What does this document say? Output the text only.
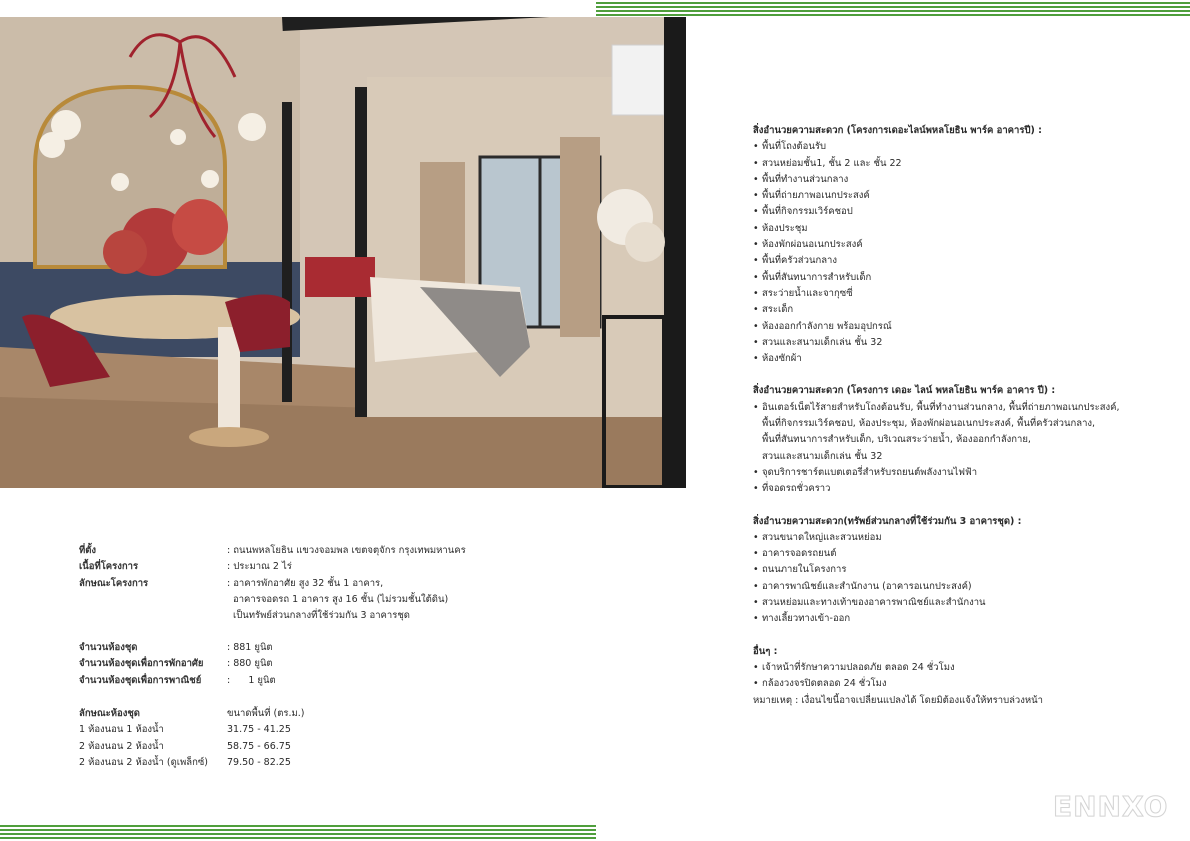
ที่ตั้ง
เนื้อที่โครงการ
ลักษณะโครงการ
: ถนนพหลโยธิน แขวงจอมพล เขตจตุจักร กรุงเทพมหานคร
: ประมาณ 2 ไร่
: อาคารพักอาศัย สูง 32 ชั้น 1 อาคาร,
อาคารจอดรถ 1 อาคาร สูง 16 ชั้น (ไม่รวมชั้นใต้ดิน)
เป็นทรัพย์ส่วนกลางที่ใช้ร่วมกัน 3 อาคารชุด
จำนวนห้องชุด
จำนวนห้องชุดเพื่อการพักอาศัย
จำนวนห้องชุดเพื่อการพาณิชย์
: 881 ยูนิต
: 880 ยูนิต
:      1 ยูนิต
ลักษณะห้องชุด
1 ห้องนอน 1 ห้องน้ำ
2 ห้องนอน 2 ห้องน้ำ
2 ห้องนอน 2 ห้องน้ำ (ดูเพล็กซ์)
ขนาดพื้นที่ (ตร.ม.)
31.75 - 41.25
58.75 - 66.75
79.50 - 82.25
สิ่งอำนวยความสะดวก (โครงการเดอะไลน์พหลโยธิน พาร์ค อาคารปี) :
• พื้นที่โถงต้อนรับ
• สวนหย่อมชั้น1, ชั้น 2 และ ชั้น 22
• พื้นที่ทำงานส่วนกลาง
• พื้นที่ถ่ายภาพอเนกประสงค์
• พื้นที่กิจกรรมเวิร์คชอป
• ห้องประชุม
• ห้องพักผ่อนอเนกประสงค์
• พื้นที่ครัวส่วนกลาง
• พื้นที่สันทนาการสำหรับเด็ก
• สระว่ายน้ำและจากุซซี่
• สระเด็ก
• ห้องออกกำลังกาย พร้อมอุปกรณ์
• สวนและสนามเด็กเล่น ชั้น 32
• ห้องซักผ้า
สิ่งอำนวยความสะดวก (โครงการ เดอะ ไลน์ พหลโยธิน พาร์ค อาคาร ปี) :
• อินเตอร์เน็ตไร้สายสำหรับโถงต้อนรับ, พื้นที่ทำงานส่วนกลาง, พื้นที่ถ่ายภาพอเนกประสงค์,
พื้นที่กิจกรรมเวิร์คชอป, ห้องประชุม, ห้องพักผ่อนอเนกประสงค์, พื้นที่ครัวส่วนกลาง,
พื้นที่สันทนาการสำหรับเด็ก, บริเวณสระว่ายน้ำ, ห้องออกกำลังกาย,
สวนและสนามเด็กเล่น ชั้น 32
• จุดบริการชาร์ตแบตเตอรี่สำหรับรถยนต์พลังงานไฟฟ้า
• ที่จอดรถชั่วคราว
สิ่งอำนวยความสะดวก(ทรัพย์ส่วนกลางที่ใช้ร่วมกัน 3 อาคารชุด) :
• สวนขนาดใหญ่และสวนหย่อม
• อาคารจอดรถยนต์
• ถนนภายในโครงการ
• อาคารพาณิชย์และสำนักงาน (อาคารอเนกประสงค์)
• สวนหย่อมและทางเท้าของอาคารพาณิชย์และสำนักงาน
• ทางเลี้ยวทางเข้า-ออก
อื่นๆ :
• เจ้าหน้าที่รักษาความปลอดภัย ตลอด 24 ชั่วโมง
• กล้องวงจรปิดตลอด 24 ชั่วโมง
หมายเหตุ : เงื่อนไขนี้อาจเปลี่ยนแปลงได้ โดยมิต้องแจ้งให้ทราบล่วงหน้า
ENNXO
